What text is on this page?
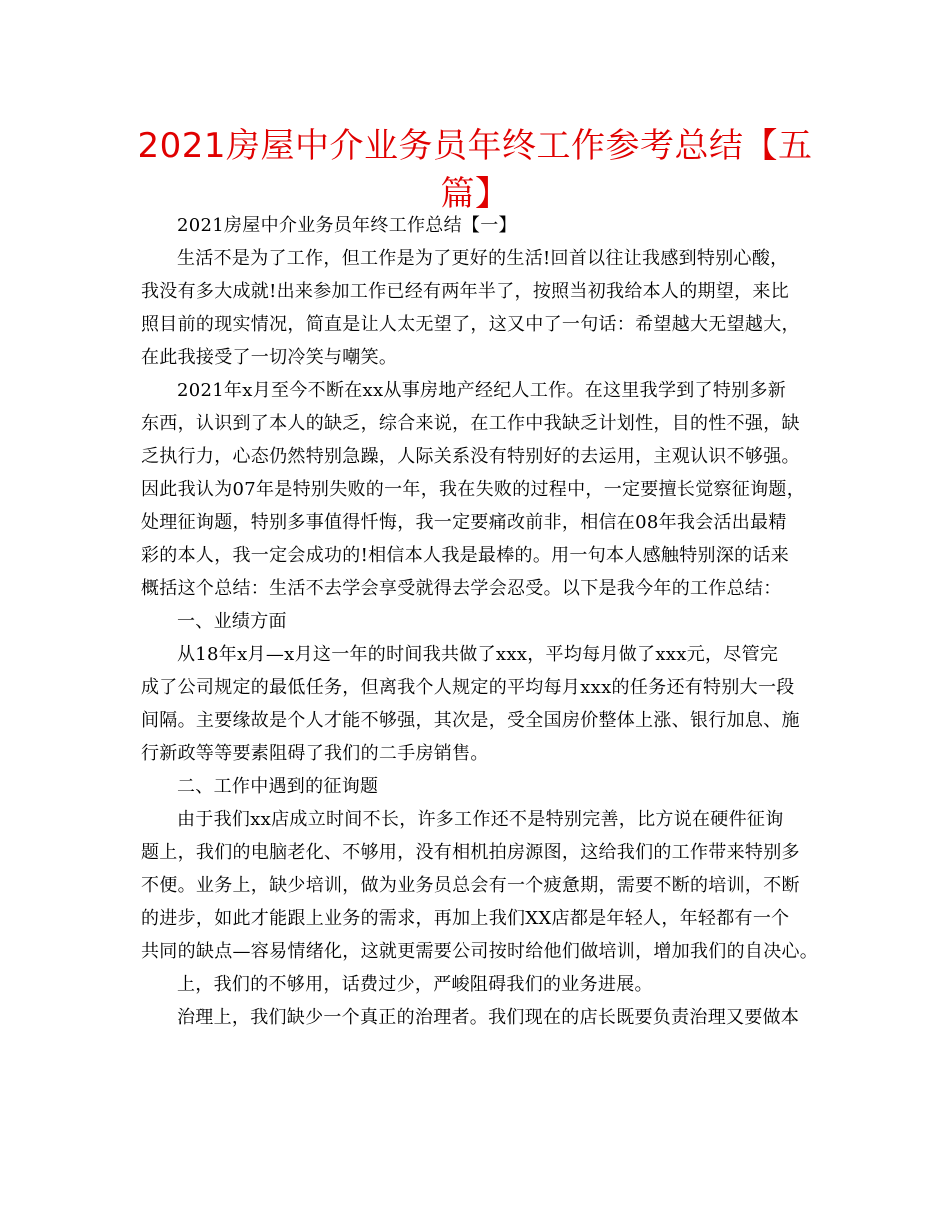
2021房屋中介业务员年终工作参考总结【五
篇】

2021房屋中介业务员年终工作总结【一】

生活不是为了工作，但工作是为了更好的生活!回首以往让我感到特别心酸，
我没有多大成就!出来参加工作已经有两年半了，按照当初我给本人的期望，来比
照目前的现实情况，简直是让人太无望了，这又中了一句话：希望越大无望越大，
在此我接受了一切冷笑与嘲笑。

2021年x月至今不断在xx从事房地产经纪人工作。在这里我学到了特别多新
东西，认识到了本人的缺乏，综合来说，在工作中我缺乏计划性，目的性不强，缺
乏执行力，心态仍然特别急躁，人际关系没有特别好的去运用，主观认识不够强。
因此我认为07年是特别失败的一年，我在失败的过程中，一定要擅长觉察征询题，
处理征询题，特别多事值得忏悔，我一定要痛改前非，相信在08年我会活出最精
彩的本人，我一定会成功的!相信本人我是最棒的。用一句本人感触特别深的话来
概括这个总结：生活不去学会享受就得去学会忍受。以下是我今年的工作总结：

一、业绩方面

从18年x月—x月这一年的时间我共做了xxx，平均每月做了xxx元，尽管完
成了公司规定的最低任务，但离我个人规定的平均每月xxx的任务还有特别大一段
间隔。主要缘故是个人才能不够强，其次是，受全国房价整体上涨、银行加息、施
行新政等等要素阻碍了我们的二手房销售。

二、工作中遇到的征询题

由于我们xx店成立时间不长，许多工作还不是特别完善，比方说在硬件征询
题上，我们的电脑老化、不够用，没有相机拍房源图，这给我们的工作带来特别多
不便。业务上，缺少培训，做为业务员总会有一个疲惫期，需要不断的培训，不断
的进步，如此才能跟上业务的需求，再加上我们XX店都是年轻人，年轻都有一个
共同的缺点—容易情绪化，这就更需要公司按时给他们做培训，增加我们的自决心。

上，我们的不够用，话费过少，严峻阻碍我们的业务进展。

治理上，我们缺少一个真正的治理者。我们现在的店长既要负责治理又要做本
